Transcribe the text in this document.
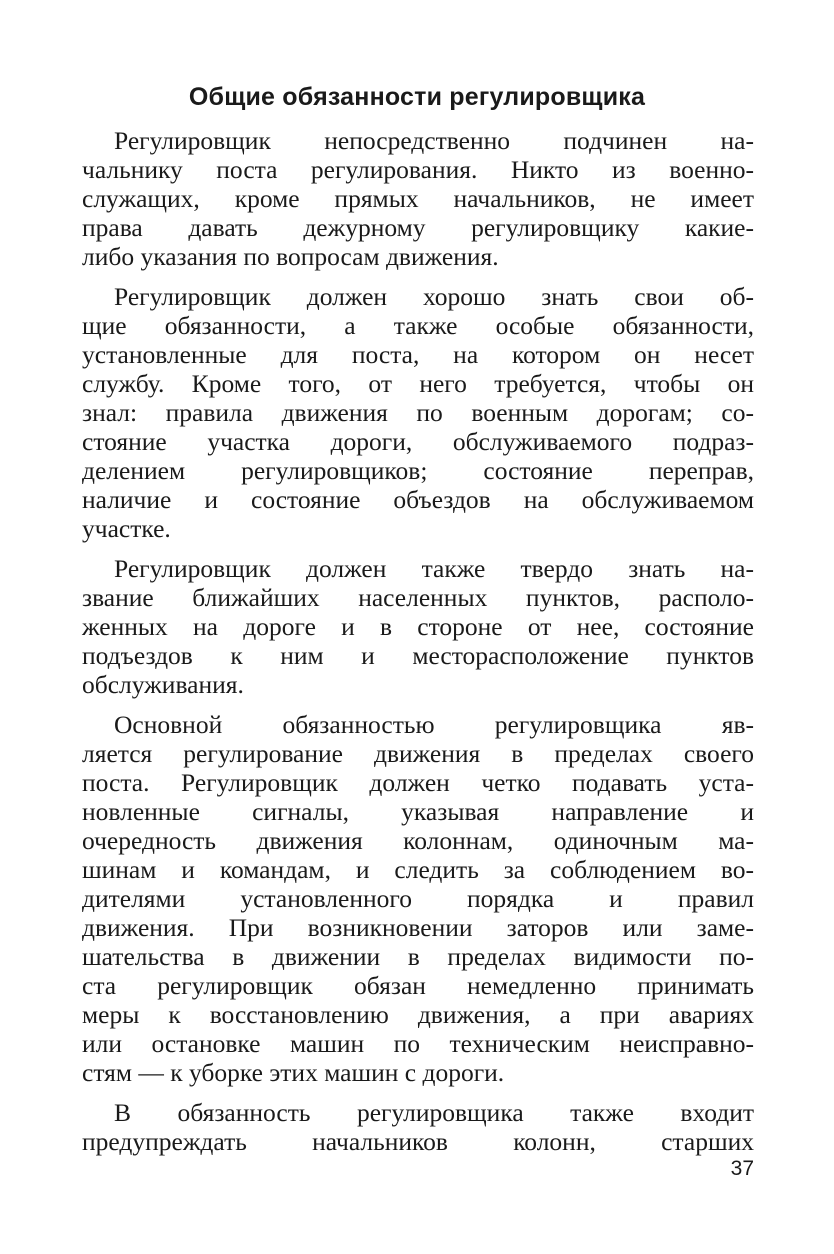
Общие обязанности регулировщика

Регулировщик непосредственно подчинен на-
чальнику поста регулирования. Никто из военно-
служащих, кроме прямых начальников, не имеет
права давать дежурному регулировщику какие-
либо указания по вопросам движения.

Регулировщик должен хорошо знать свои об-
щие обязанности, а также особые обязанности,
установленные для поста, на котором он несет
службу. Кроме того, от него требуется, чтобы он
знал: правила движения по военным дорогам; со-
стояние участка дороги, обслуживаемого подраз-
делением регулировщиков; состояние переправ,
наличие и состояние объездов на обслуживаемом
участке.

Регулировщик должен также твердо знать на-
звание ближайших населенных пунктов, располо-
женных на дороге и в стороне от нее, состояние
подъездов к ним и месторасположение пунктов
обслуживания.

Основной обязанностью регулировщика яв-
ляется регулирование движения в пределах своего
поста. Регулировщик должен четко подавать уста-
новленные сигналы, указывая направление и
очередность движения колоннам, одиночным ма-
шинам и командам, и следить за соблюдением во-
дителями установленного порядка и правил
движения. При возникновении заторов или заме-
шательства в движении в пределах видимости по-
ста регулировщик обязан немедленно принимать
меры к восстановлению движения, а при авариях
или остановке машин по техническим неисправно-
стям — к уборке этих машин с дороги.

В обязанность регулировщика также входит
предупреждать начальников колонн, старших

37
